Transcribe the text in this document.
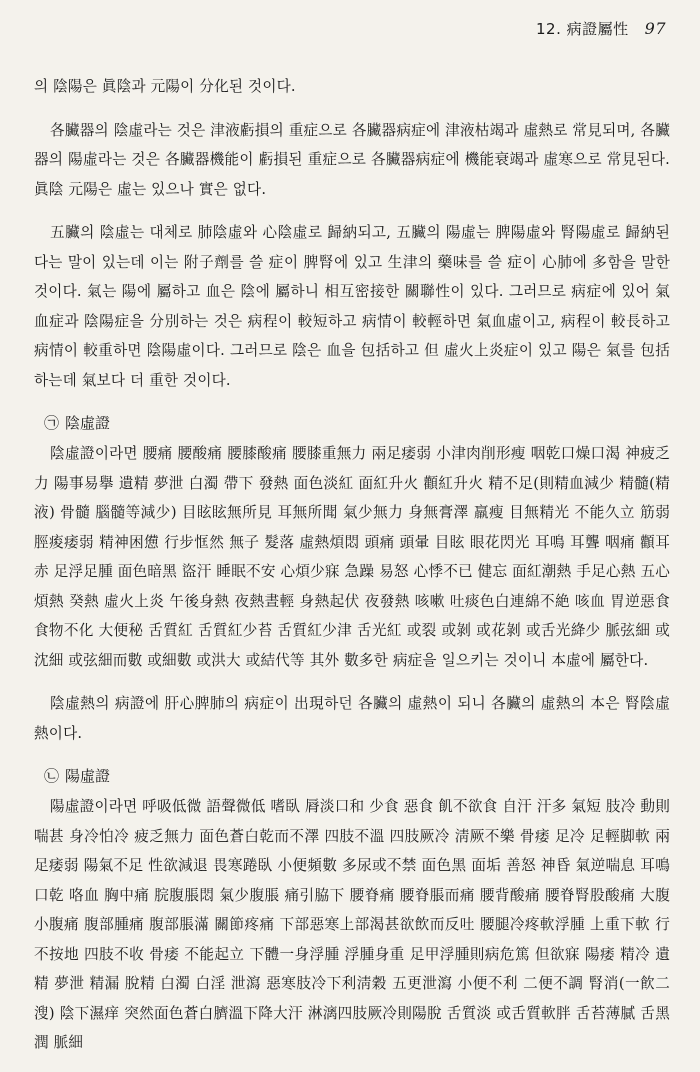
12. 病證屬性 97

의 陰陽은 眞陰과 元陽이 分化된 것이다.

各臟器의 陰虛라는 것은 津液虧損의 重症으로 各臟器病症에 津液枯竭과 虛熱로 常見되며, 各臟器의 陽虛라는 것은 各臟器機能이 虧損된 重症으로 各臟器病症에 機能衰竭과 虛寒으로 常見된다. 眞陰 元陽은 虛는 있으나 實은 없다.

五臟의 陰虛는 대체로 肺陰虛와 心陰虛로 歸納되고, 五臟의 陽虛는 脾陽虛와 腎陽虛로 歸納된다는 말이 있는데 이는 附子劑를 쓸 症이 脾腎에 있고 生津의 藥味를 쓸 症이 心肺에 多함을 말한 것이다. 氣는 陽에 屬하고 血은 陰에 屬하니 相互密接한 關聯性이 있다. 그러므로 病症에 있어 氣血症과 陰陽症을 分別하는 것은 病程이 較短하고 病情이 較輕하면 氣血虛이고, 病程이 較長하고 病情이 較重하면 陰陽虛이다. 그러므로 陰은 血을 包括하고 但 虛火上炎症이 있고 陽은 氣를 包括하는데 氣보다 더 重한 것이다.

㉠ 陰虛證

陰虛證이라면 腰痛 腰酸痛 腰膝酸痛 腰膝重無力 兩足痿弱 小津肉削形瘦 咽乾口燥口渴 神疲乏力 陽事易擧 遺精 夢泄 白濁 帶下 發熱 面色淡紅 面紅升火 顴紅升火 精不足(則精血減少 精髓(精液) 骨髓 腦髓等減少) 目眩眩無所見 耳無所聞 氣少無力 身無膏澤 羸瘦 目無精光 不能久立 筋弱 脛痠痿弱 精神困憊 行步恇然 無子 髮落 虛熱煩悶 頭痛 頭暈 目眩 眼花閃光 耳鳴 耳聾 咽痛 顴耳赤 足浮足腫 面色暗黑 盜汗 睡眠不安 心煩少寐 急躁 易怒 心悸不已 健忘 面紅潮熱 手足心熱 五心煩熱 癸熱 虛火上炎 午後身熱 夜熱晝輕 身熱起伏 夜發熱 咳嗽 吐痰色白連綿不絶 咳血 胃逆惡食 食物不化 大便秘 舌質紅 舌質紅少苔 舌質紅少津 舌光紅 或裂 或剝 或花剝 或舌光絳少 脈弦細 或沈細 或弦細而數 或細數 或洪大 或結代等 其外 數多한 病症을 일으키는 것이니 本虛에 屬한다.

陰虛熱의 病證에 肝心脾肺의 病症이 出現하던 各臟의 虛熱이 되니 各臟의 虛熱의 本은 腎陰虛熱이다.

㉡ 陽虛證

陽虛證이라면 呼吸低微 語聲微低 嗜臥 脣淡口和 少食 惡食 飢不欲食 自汗 汗多 氣短 肢冷 動則喘甚 身冷怕冷 疲乏無力 面色蒼白乾而不澤 四肢不溫 四肢厥冷 淸厥不樂 骨痿 足冷 足輕脚軟 兩足痿弱 陽氣不足 性欲減退 畏寒踡臥 小便頻數 多尿或不禁 面色黑 面垢 善怒 神昏 氣逆喘息 耳鳴 口乾 咯血 胸中痛 脘腹脹悶 氣少腹脹 痛引脇下 腰脊痛 腰脊脹而痛 腰背酸痛 腰脊腎股酸痛 大腹小腹痛 腹部腫痛 腹部脹滿 關節疼痛 下部惡寒上部渴甚欲飲而反吐 腰腿冷疼軟浮腫 上重下軟 行不按地 四肢不收 骨痿 不能起立 下體一身浮腫 浮腫身重 足甲浮腫則病危篤 但欲寐 陽痿 精冷 遺精 夢泄 精漏 脫精 白濁 白淫 泄瀉 惡寒肢冷下利淸穀 五更泄瀉 小便不利 二便不調 腎消(一飮二溲) 陰下濕痒 突然面色蒼白臍溫下降大汗 淋漓四肢厥冷則陽脫 舌質淡 或舌質軟胖 舌苔薄膩 舌黑潤 脈細
